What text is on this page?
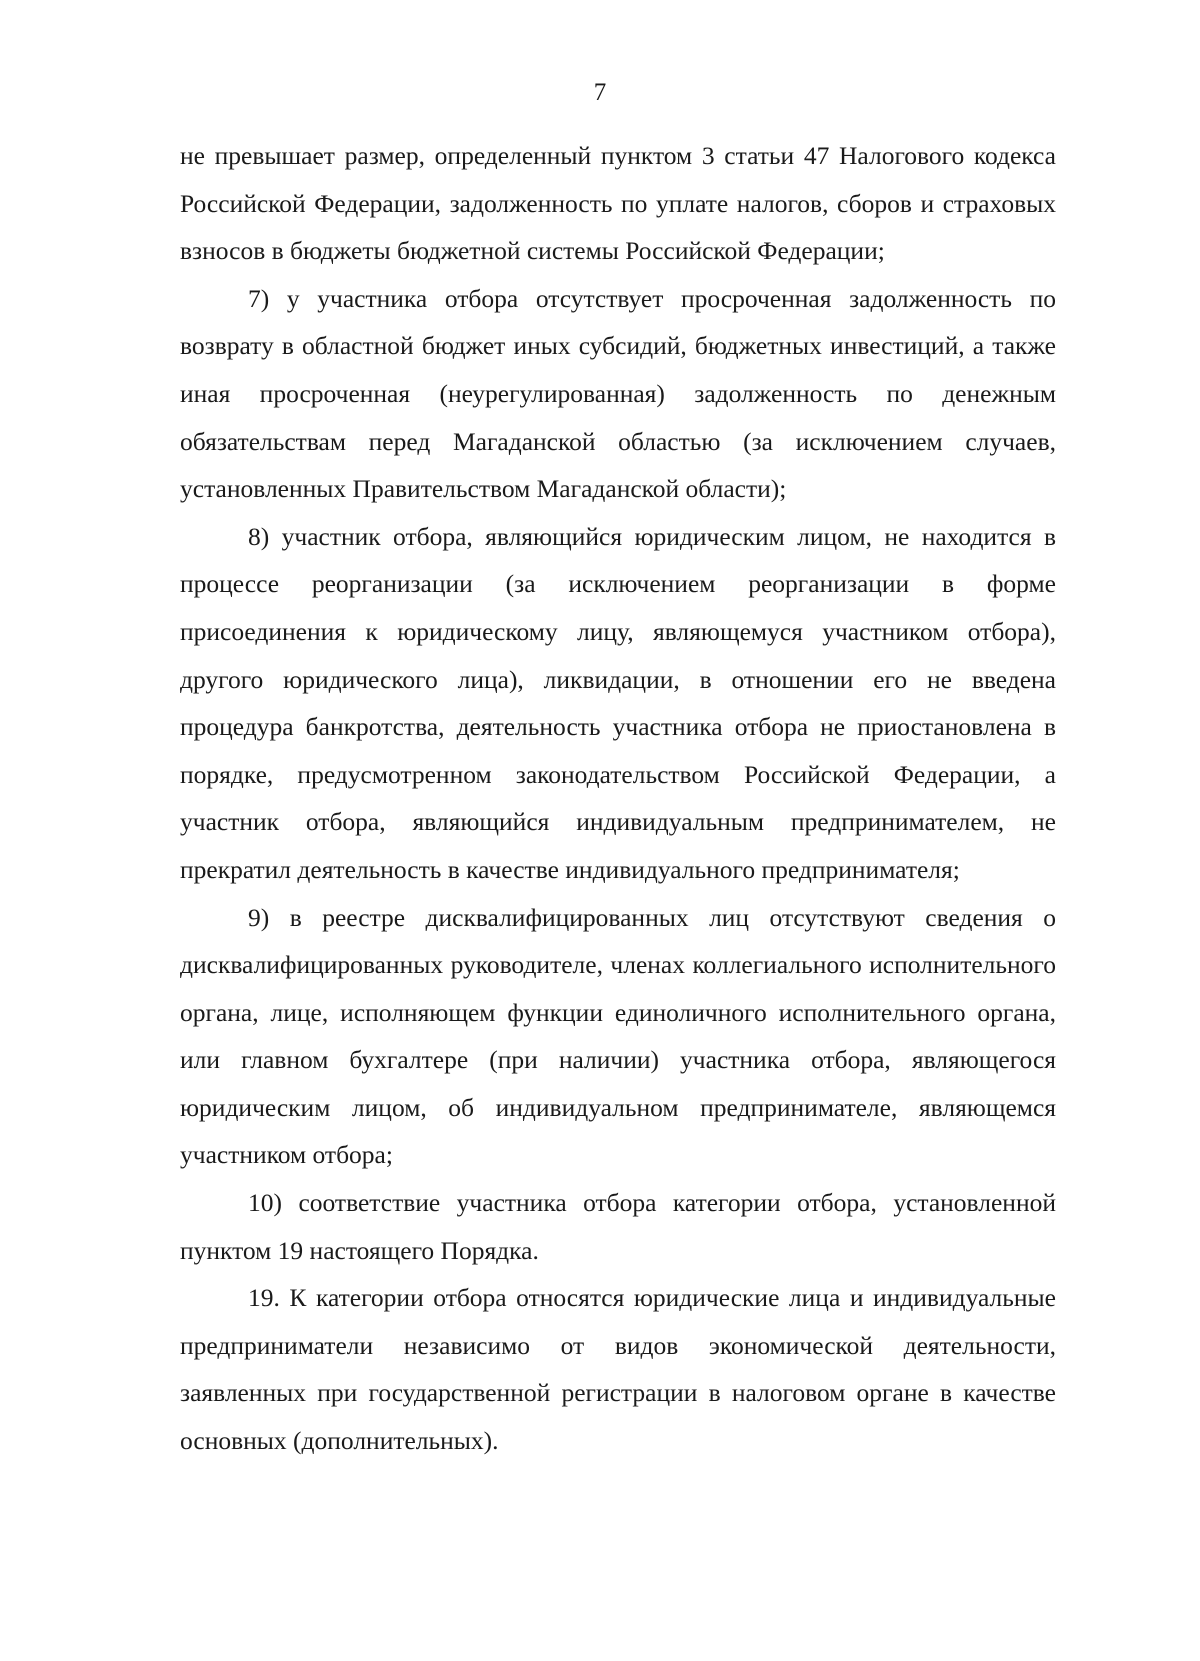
7

не превышает размер, определенный пунктом 3 статьи 47 Налогового кодекса Российской Федерации, задолженность по уплате налогов, сборов и страховых взносов в бюджеты бюджетной системы Российской Федерации;

7) у участника отбора отсутствует просроченная задолженность по возврату в областной бюджет иных субсидий, бюджетных инвестиций, а также иная просроченная (неурегулированная) задолженность по денежным обязательствам перед Магаданской областью (за исключением случаев, установленных Правительством Магаданской области);

8) участник отбора, являющийся юридическим лицом, не находится в процессе реорганизации (за исключением реорганизации в форме присоединения к юридическому лицу, являющемуся участником отбора), другого юридического лица), ликвидации, в отношении его не введена процедура банкротства, деятельность участника отбора не приостановлена в порядке, предусмотренном законодательством Российской Федерации, а участник отбора, являющийся индивидуальным предпринимателем, не прекратил деятельность в качестве индивидуального предпринимателя;

9) в реестре дисквалифицированных лиц отсутствуют сведения о дисквалифицированных руководителе, членах коллегиального исполнительного органа, лице, исполняющем функции единоличного исполнительного органа, или главном бухгалтере (при наличии) участника отбора, являющегося юридическим лицом, об индивидуальном предпринимателе, являющемся участником отбора;

10) соответствие участника отбора категории отбора, установленной пунктом 19 настоящего Порядка.

19. К категории отбора относятся юридические лица и индивидуальные предприниматели независимо от видов экономической деятельности, заявленных при государственной регистрации в налоговом органе в качестве основных (дополнительных).
